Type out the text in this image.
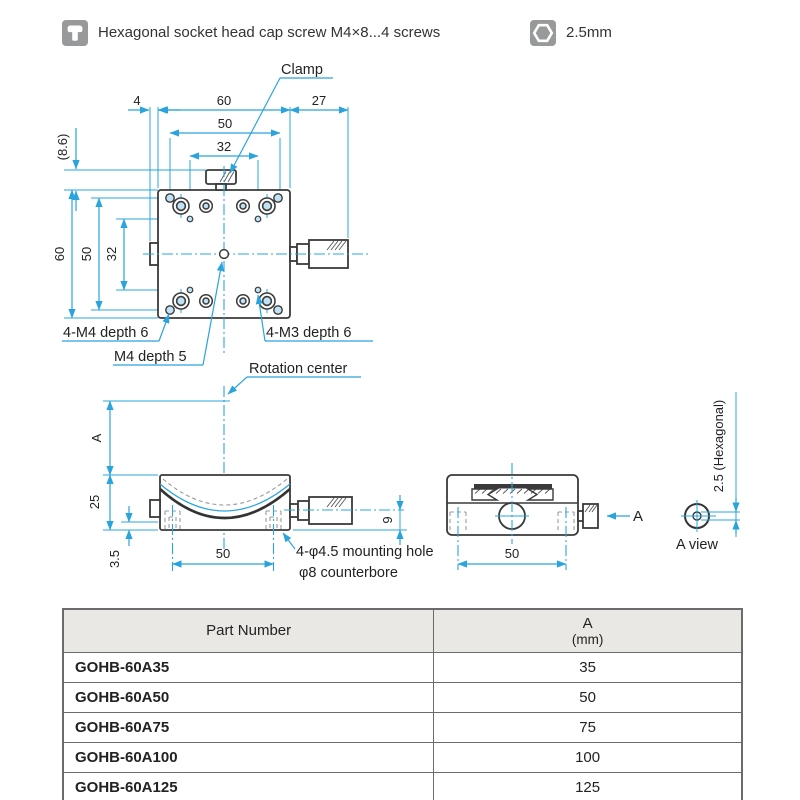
Hexagonal socket head cap screw M4×8...4 screws	2.5mm
4	60	27
50
32
(8.6)
60 50 32
Clamp
4-M4 depth 6
M4 depth 5
4-M3 depth 6
Rotation center
A
25
3.5	50
9
4-φ4.5 mounting hole
φ8 counterbore
50
A
2.5 (Hexagonal)
A view
Part Number	A
(mm)

GOHB-60A35	35
GOHB-60A50	50
GOHB-60A75	75
GOHB-60A100	100
GOHB-60A125	125
